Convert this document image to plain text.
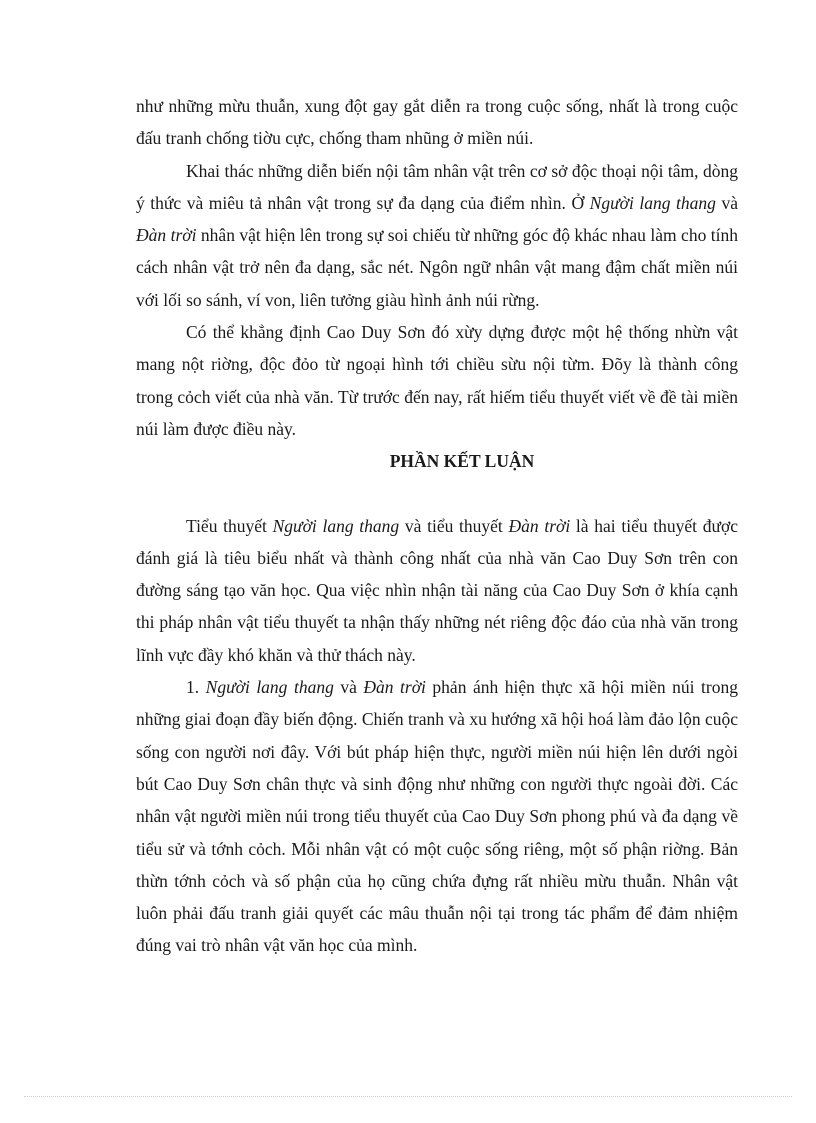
như những mừu thuẫn, xung đột gay gắt diễn ra trong cuộc sống, nhất là trong cuộc đấu tranh chống tiờu cực, chống tham nhũng ở miền núi.

Khai thác những diễn biến nội tâm nhân vật trên cơ sở độc thoại nội tâm, dòng ý thức và miêu tả nhân vật trong sự đa dạng của điểm nhìn. Ở Người lang thang và Đàn trời nhân vật hiện lên trong sự soi chiếu từ những góc độ khác nhau làm cho tính cách nhân vật trở nên đa dạng, sắc nét. Ngôn ngữ nhân vật mang đậm chất miền núi với lối so sánh, ví von, liên tưởng giàu hình ảnh núi rừng.

Có thể khẳng định Cao Duy Sơn đó xừy dựng được một hệ thống nhừn vật mang nột riờng, độc đỏo từ ngoại hình tới chiều sừu nội từm. Đõy là thành công trong cỏch viết của nhà văn. Từ trước đến nay, rất hiếm tiểu thuyết viết về đề tài miền núi làm được điều này.

PHẦN KẾT LUẬN

Tiểu thuyết Người lang thang và tiểu thuyết Đàn trời là hai tiểu thuyết được đánh giá là tiêu biểu nhất và thành công nhất của nhà văn Cao Duy Sơn trên con đường sáng tạo văn học. Qua việc nhìn nhận tài năng của Cao Duy Sơn ở khía cạnh thi pháp nhân vật tiểu thuyết ta nhận thấy những nét riêng độc đáo của nhà văn trong lĩnh vực đầy khó khăn và thử thách này.

1. Người lang thang và Đàn trời phản ánh hiện thực xã hội miền núi trong những giai đoạn đầy biến động. Chiến tranh và xu hướng xã hội hoá làm đảo lộn cuộc sống con người nơi đây. Với bút pháp hiện thực, người miền núi hiện lên dưới ngòi bút Cao Duy Sơn chân thực và sinh động như những con người thực ngoài đời. Các nhân vật người miền núi trong tiểu thuyết của Cao Duy Sơn phong phú và đa dạng về tiểu sử và tớnh cỏch. Mỗi nhân vật có một cuộc sống riêng, một số phận riờng. Bản thừn tớnh cỏch và số phận của họ cũng chứa đựng rất nhiều mừu thuẫn. Nhân vật luôn phải đấu tranh giải quyết các mâu thuẫn nội tại trong tác phẩm để đảm nhiệm đúng vai trò nhân vật văn học của mình.
